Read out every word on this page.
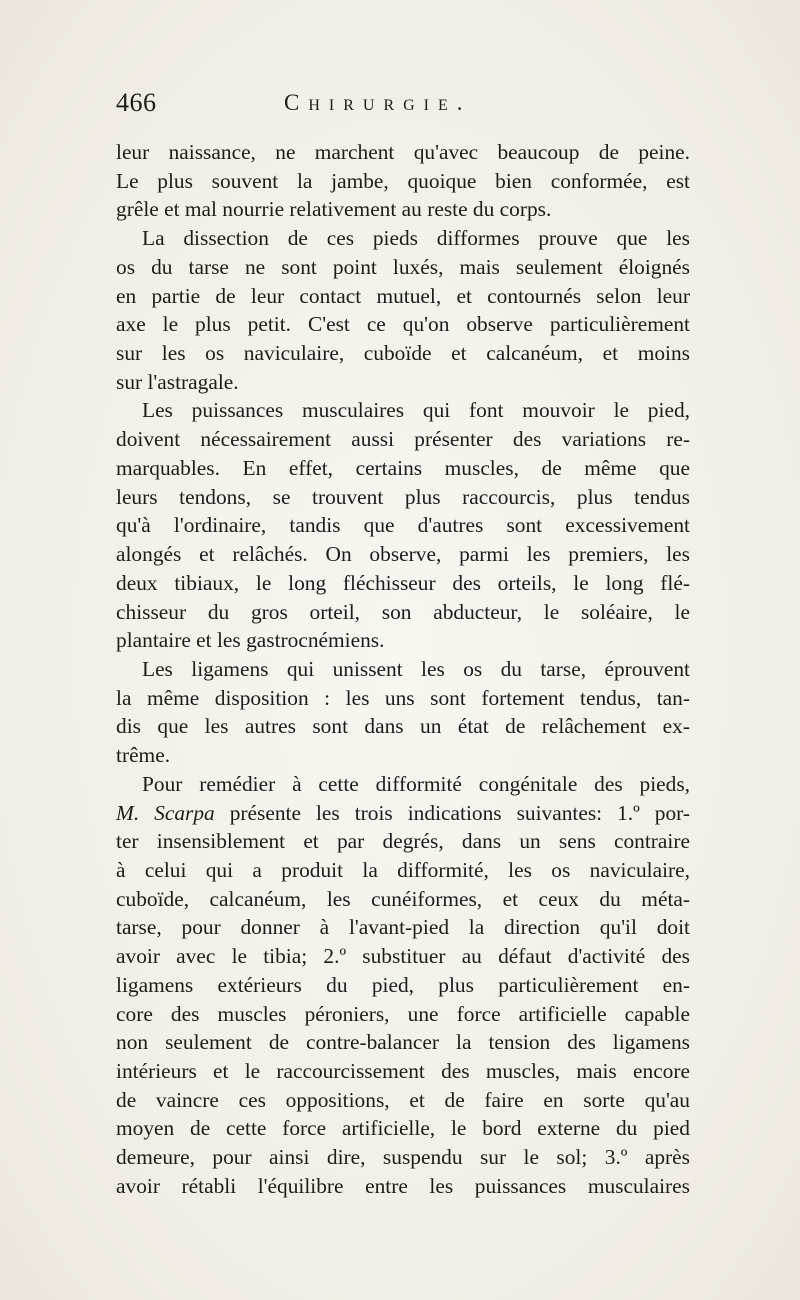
466	Chirurgie.
leur naissance, ne marchent qu'avec beaucoup de peine.
Le plus souvent la jambe, quoique bien conformée, est
grêle et mal nourrie relativement au reste du corps.
La dissection de ces pieds difformes prouve que les
os du tarse ne sont point luxés, mais seulement éloignés
en partie de leur contact mutuel, et contournés selon leur
axe le plus petit. C'est ce qu'on observe particulièrement
sur les os naviculaire, cuboïde et calcanéum, et moins
sur l'astragale.
Les puissances musculaires qui font mouvoir le pied,
doivent nécessairement aussi présenter des variations re-
marquables. En effet, certains muscles, de même que
leurs tendons, se trouvent plus raccourcis, plus tendus
qu'à l'ordinaire, tandis que d'autres sont excessivement
alongés et relâchés. On observe, parmi les premiers, les
deux tibiaux, le long fléchisseur des orteils, le long flé-
chisseur du gros orteil, son abducteur, le soléaire, le
plantaire et les gastrocnémiens.
Les ligamens qui unissent les os du tarse, éprouvent
la même disposition : les uns sont fortement tendus, tan-
dis que les autres sont dans un état de relâchement ex-
trême.
Pour remédier à cette difformité congénitale des pieds,
M. Scarpa présente les trois indications suivantes: 1.º por-
ter insensiblement et par degrés, dans un sens contraire
à celui qui a produit la difformité, les os naviculaire,
cuboïde, calcanéum, les cunéiformes, et ceux du méta-
tarse, pour donner à l'avant-pied la direction qu'il doit
avoir avec le tibia; 2.º substituer au défaut d'activité des
ligamens extérieurs du pied, plus particulièrement en-
core des muscles péroniers, une force artificielle capable
non seulement de contre-balancer la tension des ligamens
intérieurs et le raccourcissement des muscles, mais encore
de vaincre ces oppositions, et de faire en sorte qu'au
moyen de cette force artificielle, le bord externe du pied
demeure, pour ainsi dire, suspendu sur le sol; 3.º après
avoir rétabli l'équilibre entre les puissances musculaires
